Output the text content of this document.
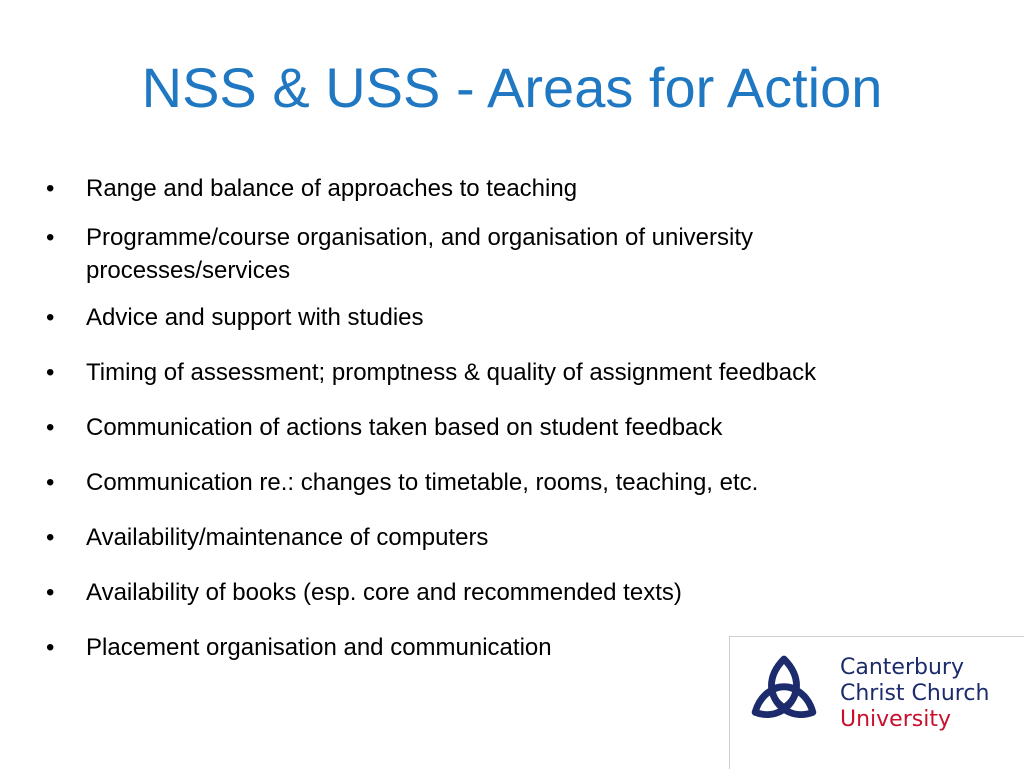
NSS & USS - Areas for Action
• Range and balance of approaches to teaching
• Programme/course organisation, and organisation of university processes/services
• Advice and support with studies
• Timing of assessment; promptness & quality of assignment feedback
• Communication of actions taken based on student feedback
• Communication re.: changes to timetable, rooms, teaching, etc.
• Availability/maintenance of computers
• Availability of books (esp. core and recommended texts)
• Placement organisation and communication
Canterbury
Christ Church
University
